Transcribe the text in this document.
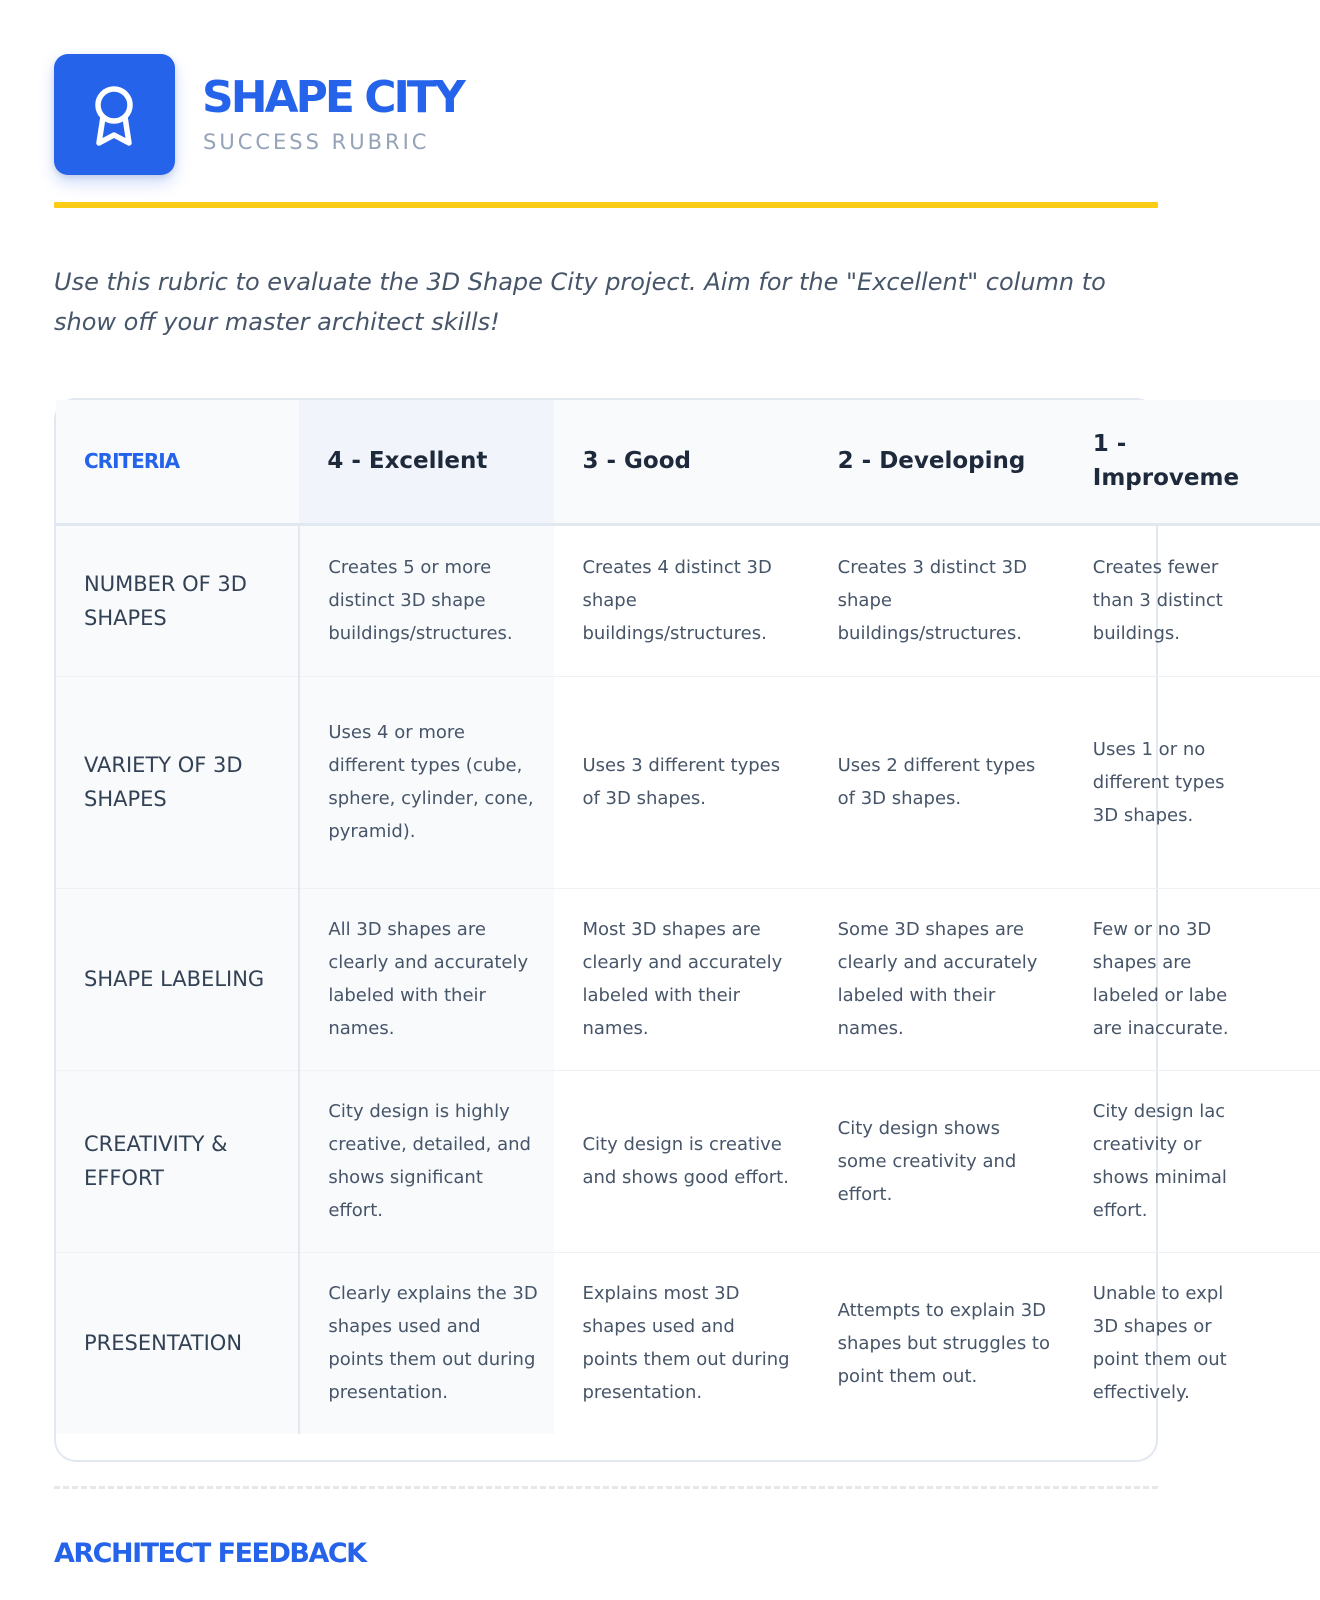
SHAPE CITY
SUCCESS RUBRIC

Use this rubric to evaluate the 3D Shape City project. Aim for the "Excellent" column to show off your master architect skills!

CRITERIA	4 - Excellent	3 - Good	2 - Developing	1 - Improveme

NUMBER OF 3D SHAPES	Creates 5 or more distinct 3D shape buildings/structures.	Creates 4 distinct 3D shape buildings/structures.	Creates 3 distinct 3D shape buildings/structures.	Creates fewer
than 3 distinct
buildings.
VARIETY OF 3D SHAPES	Uses 4 or more different types (cube, sphere, cylinder, cone, pyramid).	Uses 3 different types of 3D shapes.	Uses 2 different types of 3D shapes.	Uses 1 or no
different types
3D shapes.
SHAPE LABELING	All 3D shapes are clearly and accurately labeled with their names.	Most 3D shapes are clearly and accurately labeled with their names.	Some 3D shapes are clearly and accurately labeled with their names.	Few or no 3D
shapes are
labeled or labe
are inaccurate.
CREATIVITY & EFFORT	City design is highly creative, detailed, and shows significant effort.	City design is creative and shows good effort.	City design shows some creativity and effort.	City design lac
creativity or
shows minimal
effort.
PRESENTATION	Clearly explains the 3D shapes used and points them out during presentation.	Explains most 3D shapes used and points them out during presentation.	Attempts to explain 3D shapes but struggles to point them out.	Unable to expl
3D shapes or
point them out
effectively.
ARCHITECT FEEDBACK
